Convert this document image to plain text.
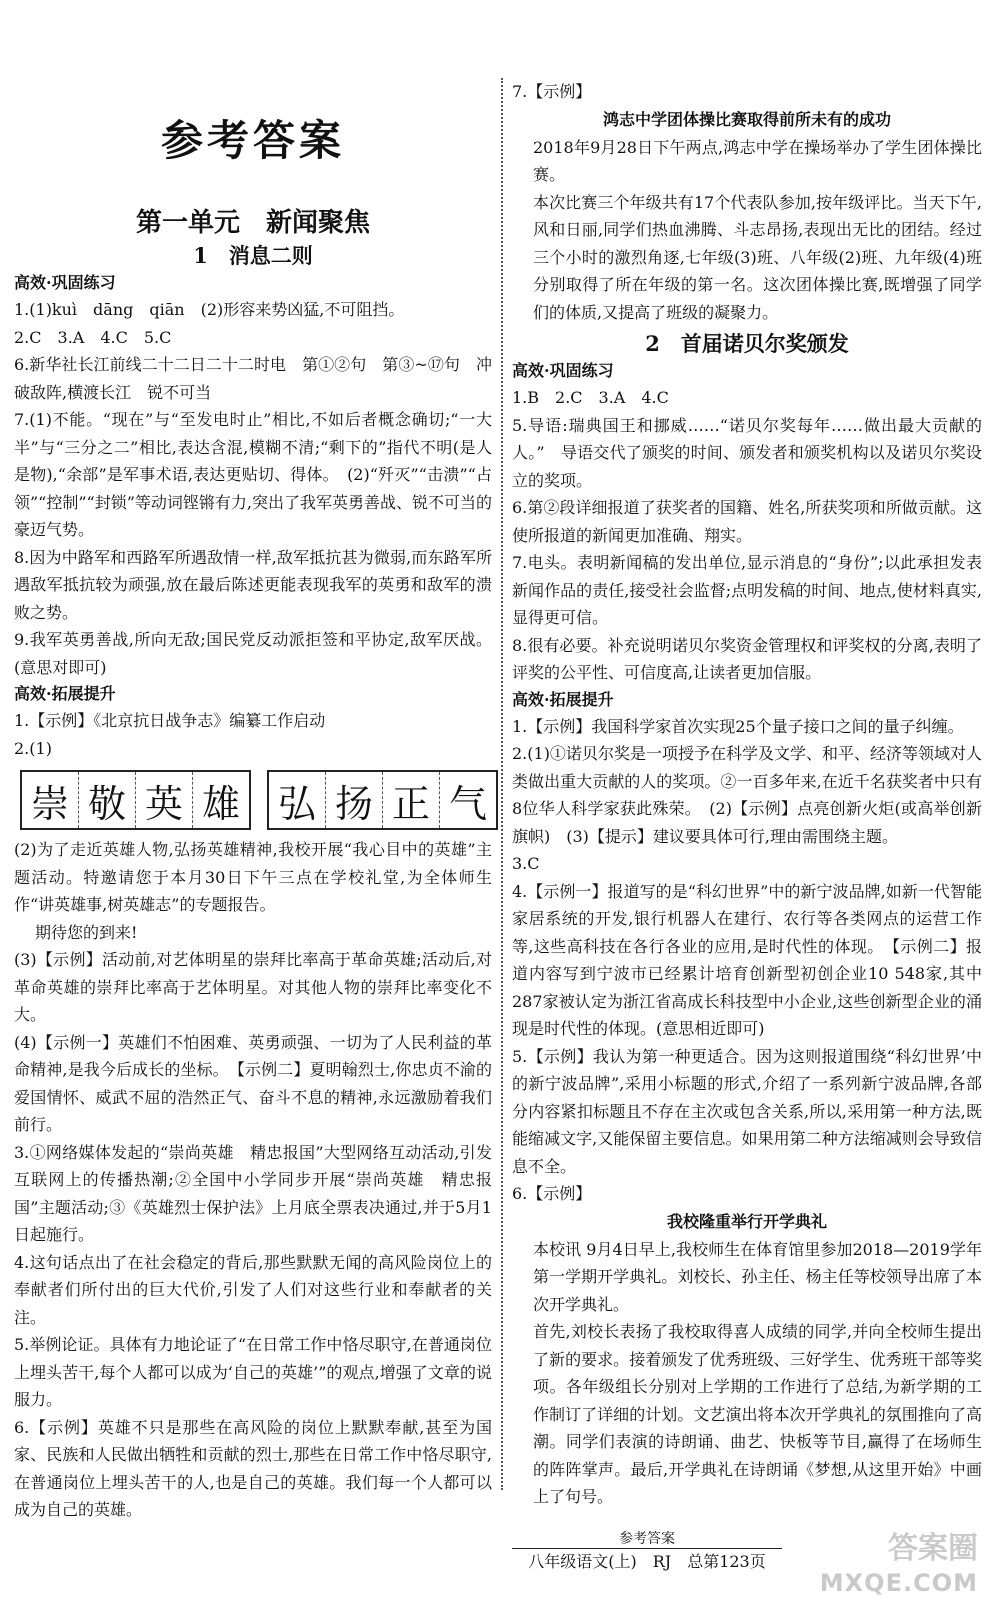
参考答案
第一单元　新闻聚焦
1　消息二则
高效·巩固练习

1.(1)kuì　dāng　qiān　(2)形容来势凶猛,不可阻挡。

2.C　3.A　4.C　5.C

6.新华社长江前线二十二日二十二时电　第①②句　第③~⑰句　冲破敌阵,横渡长江　锐不可当

7.(1)不能。“现在”与“至发电时止”相比,不如后者概念确切;“一大半”与“三分之二”相比,表达含混,模糊不清;“剩下的”指代不明(是人是物),“余部”是军事术语,表达更贴切、得体。　(2)“歼灭”“击溃”“占领”“控制”“封锁”等动词铿锵有力,突出了我军英勇善战、锐不可当的豪迈气势。

8.因为中路军和西路军所遇敌情一样,敌军抵抗甚为微弱,而东路军所遇敌军抵抗较为顽强,放在最后陈述更能表现我军的英勇和敌军的溃败之势。

9.我军英勇善战,所向无敌;国民党反动派拒签和平协定,敌军厌战。(意思对即可)

高效·拓展提升

1.【示例】《北京抗日战争志》编纂工作启动

2.(1)

崇 敬 英 雄 弘 扬 正 气

(2)为了走近英雄人物,弘扬英雄精神,我校开展“我心目中的英雄”主题活动。特邀请您于本月30日下午三点在学校礼堂,为全体师生作“讲英雄事,树英雄志”的专题报告。

期待您的到来!

(3)【示例】活动前,对艺体明星的崇拜比率高于革命英雄;活动后,对革命英雄的崇拜比率高于艺体明星。对其他人物的崇拜比率变化不大。

(4)【示例一】英雄们不怕困难、英勇顽强、一切为了人民利益的革命精神,是我今后成长的坐标。　【示例二】夏明翰烈士,你忠贞不渝的爱国情怀、威武不屈的浩然正气、奋斗不息的精神,永远激励着我们前行。

3.①网络媒体发起的“崇尚英雄　精忠报国”大型网络互动活动,引发互联网上的传播热潮;②全国中小学同步开展“崇尚英雄　精忠报国”主题活动;③《英雄烈士保护法》上月底全票表决通过,并于5月1日起施行。

4.这句话点出了在社会稳定的背后,那些默默无闻的高风险岗位上的奉献者们所付出的巨大代价,引发了人们对这些行业和奉献者的关注。

5.举例论证。具体有力地论证了“在日常工作中恪尽职守,在普通岗位上埋头苦干,每个人都可以成为‘自己的英雄’”的观点,增强了文章的说服力。

6.【示例】英雄不只是那些在高风险的岗位上默默奉献,甚至为国家、民族和人民做出牺牲和贡献的烈士,那些在日常工作中恪尽职守,在普通岗位上埋头苦干的人,也是自己的英雄。我们每一个人都可以成为自己的英雄。

7.【示例】

鸿志中学团体操比赛取得前所未有的成功

2018年9月28日下午两点,鸿志中学在操场举办了学生团体操比赛。

本次比赛三个年级共有17个代表队参加,按年级评比。当天下午,风和日丽,同学们热血沸腾、斗志昂扬,表现出无比的团结。经过三个小时的激烈角逐,七年级(3)班、八年级(2)班、九年级(4)班分别取得了所在年级的第一名。这次团体操比赛,既增强了同学们的体质,又提高了班级的凝聚力。

2　首届诺贝尔奖颁发
高效·巩固练习

1.B　2.C　3.A　4.C

5.导语:瑞典国王和挪威……“诺贝尔奖每年……做出最大贡献的人。”　导语交代了颁奖的时间、颁发者和颁奖机构以及诺贝尔奖设立的奖项。

6.第②段详细报道了获奖者的国籍、姓名,所获奖项和所做贡献。这使所报道的新闻更加准确、翔实。

7.电头。表明新闻稿的发出单位,显示消息的“身份”;以此承担发表新闻作品的责任,接受社会监督;点明发稿的时间、地点,使材料真实,显得更可信。

8.很有必要。补充说明诺贝尔奖资金管理权和评奖权的分离,表明了评奖的公平性、可信度高,让读者更加信服。

高效·拓展提升

1.【示例】我国科学家首次实现25个量子接口之间的量子纠缠。

2.(1)①诺贝尔奖是一项授予在科学及文学、和平、经济等领域对人类做出重大贡献的人的奖项。②一百多年来,在近千名获奖者中只有8位华人科学家获此殊荣。　(2)【示例】点亮创新火炬(或高举创新旗帜)　(3)【提示】建议要具体可行,理由需围绕主题。

3.C

4.【示例一】报道写的是“科幻世界”中的新宁波品牌,如新一代智能家居系统的开发,银行机器人在建行、农行等各类网点的运营工作等,这些高科技在各行各业的应用,是时代性的体现。　【示例二】报道内容写到宁波市已经累计培育创新型初创企业10 548家,其中287家被认定为浙江省高成长科技型中小企业,这些创新型企业的涌现是时代性的体现。(意思相近即可)

5.【示例】我认为第一种更适合。因为这则报道围绕“科幻世界’中的新宁波品牌”,采用小标题的形式,介绍了一系列新宁波品牌,各部分内容紧扣标题且不存在主次或包含关系,所以,采用第一种方法,既能缩减文字,又能保留主要信息。如果用第二种方法缩减则会导致信息不全。

6.【示例】

我校隆重举行开学典礼

本校讯 9月4日早上,我校师生在体育馆里参加2018—2019学年第一学期开学典礼。刘校长、孙主任、杨主任等校领导出席了本次开学典礼。

首先,刘校长表扬了我校取得喜人成绩的同学,并向全校师生提出了新的要求。接着颁发了优秀班级、三好学生、优秀班干部等奖项。各年级组长分别对上学期的工作进行了总结,为新学期的工作制订了详细的计划。文艺演出将本次开学典礼的氛围推向了高潮。同学们表演的诗朗诵、曲艺、快板等节目,赢得了在场师生的阵阵掌声。最后,开学典礼在诗朗诵《梦想,从这里开始》中画上了句号。

参考答案
八年级语文(上)　RJ　总第123页	答案圈
MXQE.COM
